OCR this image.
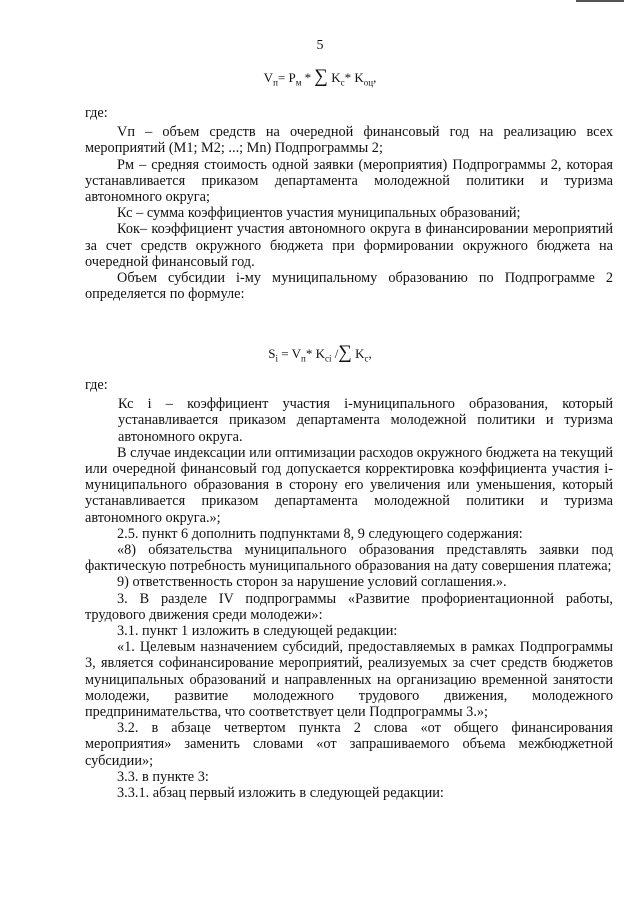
5
$V_п= P_м$ * ∑ $K_с*$ $K_{оц}$,

где:

Vп – объем средств на очередной финансовый год на реализацию всех мероприятий (М1; М2; ...; Мn) Подпрограммы 2;

Рм – средняя стоимость одной заявки (мероприятия) Подпрограммы 2, которая устанавливается приказом департамента молодежной политики и туризма автономного округа;

Кс – сумма коэффициентов участия муниципальных образований;

Кок– коэффициент участия автономного округа в финансировании мероприятий за счет средств окружного бюджета при формировании окружного бюджета на очередной финансовый год.

Объем субсидии i-му муниципальному образованию по Подпрограмме 2 определяется по формуле:

$S_i = V_п*$ $K_{сi}$ /∑ $K_с$,

где:

Кс i – коэффициент участия i-муниципального образования, который устанавливается приказом департамента молодежной политики и туризма автономного округа.

В случае индексации или оптимизации расходов окружного бюджета на текущий или очередной финансовый год допускается корректировка коэффициента участия i-муниципального образования в сторону его увеличения или уменьшения, который устанавливается приказом департамента молодежной политики и туризма автономного округа.»;

2.5. пункт 6 дополнить подпунктами 8, 9 следующего содержания:

«8) обязательства муниципального образования представлять заявки под фактическую потребность муниципального образования на дату совершения платежа;

9) ответственность сторон за нарушение условий соглашения.».

3. В разделе IV подпрограммы «Развитие профориентационной работы, трудового движения среди молодежи»:

3.1. пункт 1 изложить в следующей редакции:

«1. Целевым назначением субсидий, предоставляемых в рамках Подпрограммы 3, является софинансирование мероприятий, реализуемых за счет средств бюджетов муниципальных образований и направленных на организацию временной занятости молодежи, развитие молодежного трудового движения, молодежного предпринимательства, что соответствует цели Подпрограммы 3.»;

3.2. в абзаце четвертом пункта 2 слова «от общего финансирования мероприятия» заменить словами «от запрашиваемого объема межбюджетной субсидии»;

3.3. в пункте 3:

3.3.1. абзац первый изложить в следующей редакции:
